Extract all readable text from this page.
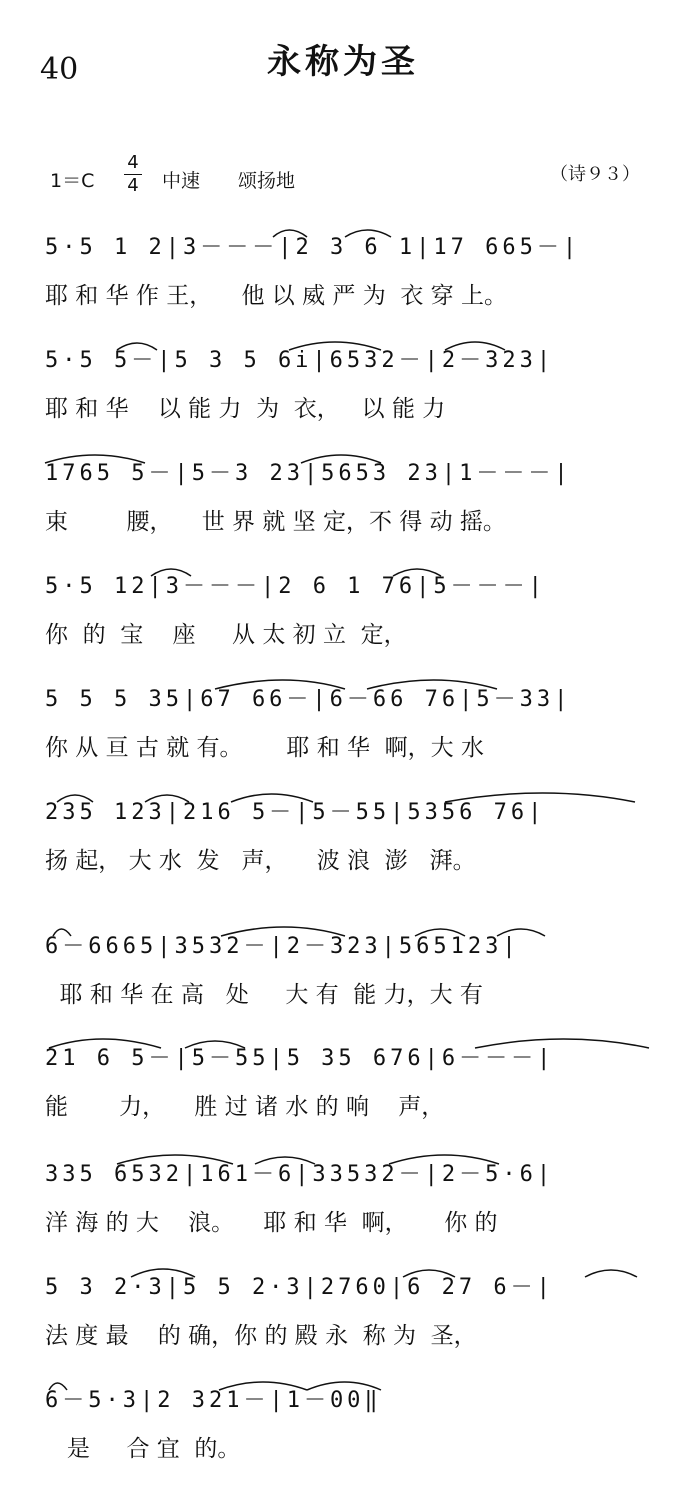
40	永称为圣
1＝C
4
4 中速 颂扬地	（诗９３）
5·5 1 2|3－－－|2 3 6 1|17 665－|
耶 和 华 作 王，    他 以 威 严 为  衣 穿 上。
5·5 5－|5 3 5 6i|6532－|2－323|
耶 和 华    以 能 力  为  衣，   以 能 力
1765 5－|5－3 23|5653 23|1－－－|
束        腰，    世 界 就 坚 定，不 得 动 摇。
5·5 12|3－－－|2 6 1 76|5－－－|
你  的  宝    座     从 太 初 立  定，
5 5 5 35|67 66－|6－66 76|5－33|
你 从 亘 古 就 有。      耶 和 华  啊，大 水
235 123|216 5－|5－55|5356 76|
扬 起， 大 水  发   声，    波 浪  澎   湃。
6－6665|3532－|2－323|565123|
耶 和 华 在 高   处     大 有  能 力，大 有
21 6 5－|5－55|5 35 676|6－－－|
能       力，    胜 过 诸 水 的 响    声，
335 6532|161－6|33532－|2－5·6|
洋 海 的 大    浪。    耶 和 华  啊，     你 的
5 3 2·3|5 5 2·3|2760|6 27 6－|
法 度 最    的 确，你 的 殿 永  称 为  圣，
6－5·3|2 321－|1－00‖
是     合 宜  的。
